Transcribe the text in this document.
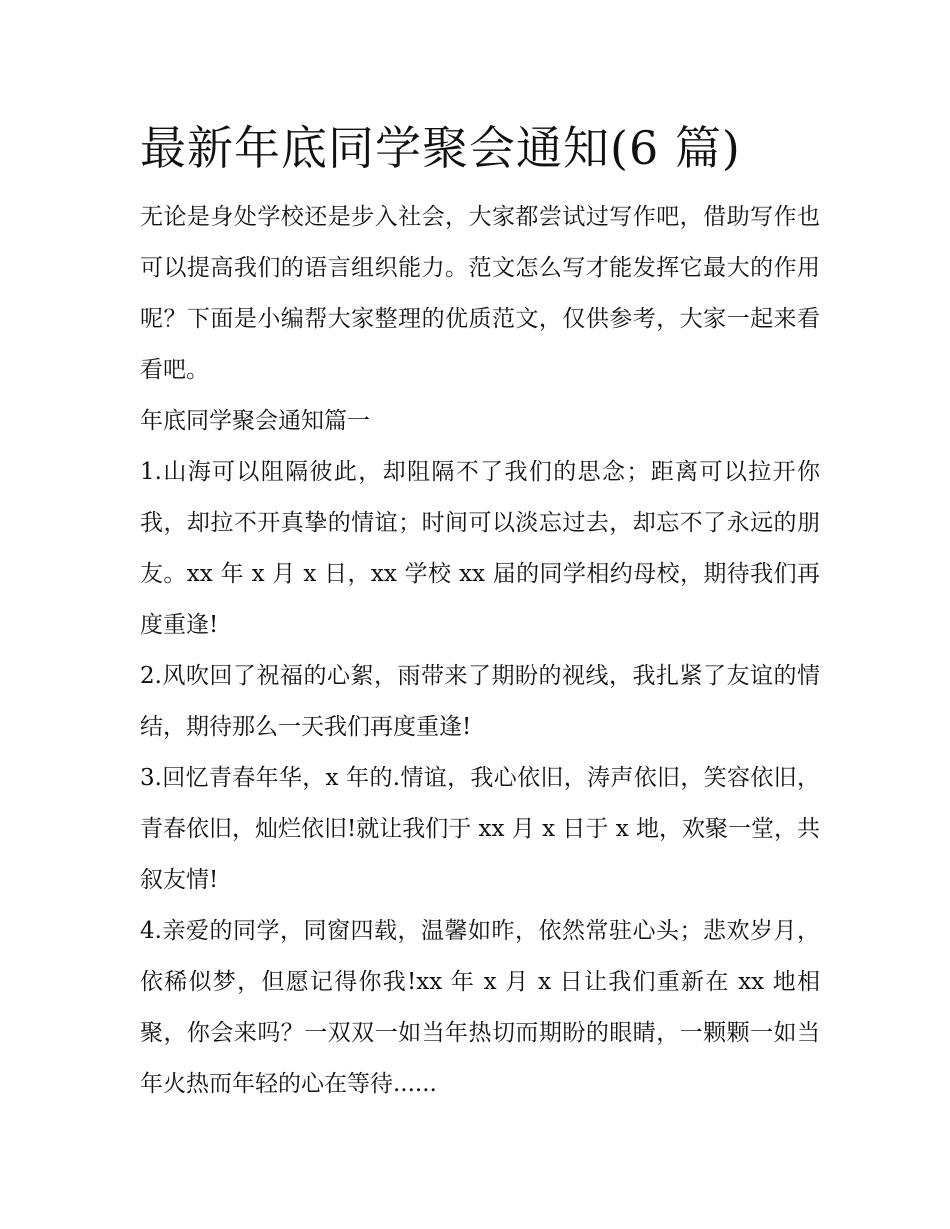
最新年底同学聚会通知(6 篇)

无论是身处学校还是步入社会，大家都尝试过写作吧，借助写作也可以提高我们的语言组织能力。范文怎么写才能发挥它最大的作用呢？下面是小编帮大家整理的优质范文，仅供参考，大家一起来看看吧。

年底同学聚会通知篇一

1.山海可以阻隔彼此，却阻隔不了我们的思念；距离可以拉开你我，却拉不开真挚的情谊；时间可以淡忘过去，却忘不了永远的朋友。xx 年 x 月 x 日，xx 学校 xx 届的同学相约母校，期待我们再度重逢!

2.风吹回了祝福的心絮，雨带来了期盼的视线，我扎紧了友谊的情结，期待那么一天我们再度重逢!

3.回忆青春年华，x 年的.情谊，我心依旧，涛声依旧，笑容依旧，青春依旧，灿烂依旧!就让我们于 xx 月 x 日于 x 地，欢聚一堂，共叙友情!

4.亲爱的同学，同窗四载，温馨如昨，依然常驻心头；悲欢岁月，依稀似梦，但愿记得你我!xx 年 x 月 x 日让我们重新在 xx 地相聚，你会来吗？一双双一如当年热切而期盼的眼睛，一颗颗一如当年火热而年轻的心在等待......
